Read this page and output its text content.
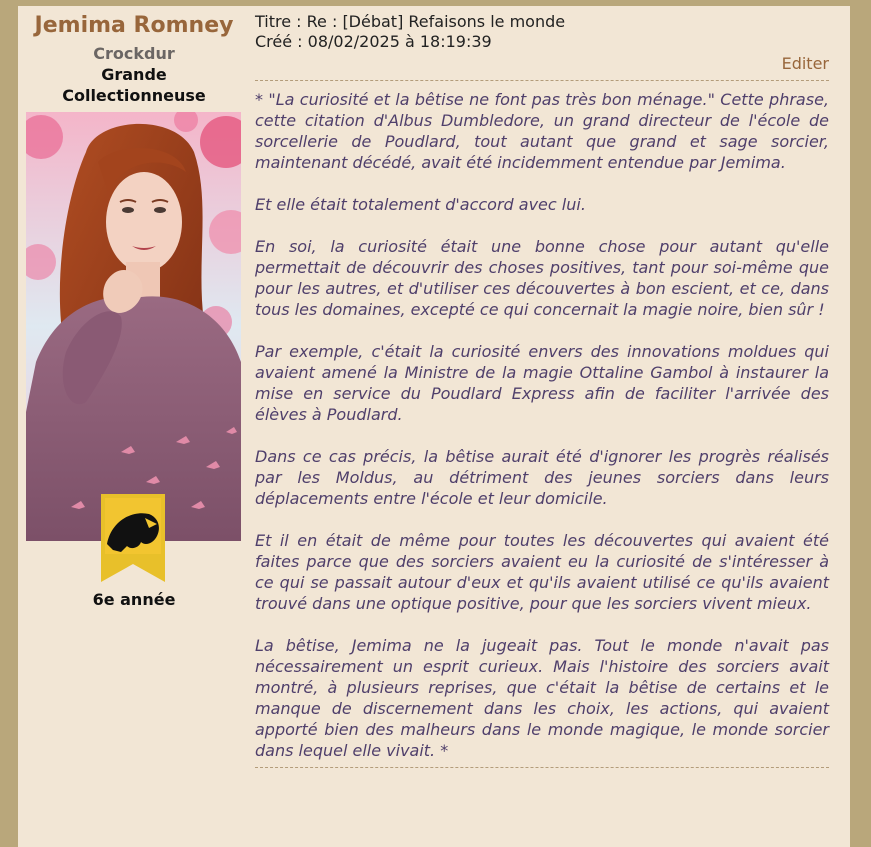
Jemima Romney
Crockdur
Grande
Collectionneuse
6e année
Titre : Re : [Débat] Refaisons le monde
Créé : 08/02/2025 à 18:19:39
Editer

* "La curiosité et la bêtise ne font pas très bon ménage." Cette phrase, cette citation d'Albus Dumbledore, un grand directeur de l'école de sorcellerie de Poudlard, tout autant que grand et sage sorcier, maintenant décédé, avait été incidemment entendue par Jemima.

Et elle était totalement d'accord avec lui.

En soi, la curiosité était une bonne chose pour autant qu'elle permettait de découvrir des choses positives, tant pour soi-même que pour les autres, et d'utiliser ces découvertes à bon escient, et ce, dans tous les domaines, excepté ce qui concernait la magie noire, bien sûr !

Par exemple, c'était la curiosité envers des innovations moldues qui avaient amené la Ministre de la magie Ottaline Gambol à instaurer la mise en service du Poudlard Express afin de faciliter l'arrivée des élèves à Poudlard.

Dans ce cas précis, la bêtise aurait été d'ignorer les progrès réalisés par les Moldus, au détriment des jeunes sorciers dans leurs déplacements entre l'école et leur domicile.

Et il en était de même pour toutes les découvertes qui avaient été faites parce que des sorciers avaient eu la curiosité de s'intéresser à ce qui se passait autour d'eux et qu'ils avaient utilisé ce qu'ils avaient trouvé dans une optique positive, pour que les sorciers vivent mieux.

La bêtise, Jemima ne la jugeait pas. Tout le monde n'avait pas nécessairement un esprit curieux. Mais l'histoire des sorciers avait montré, à plusieurs reprises, que c'était la bêtise de certains et le manque de discernement dans les choix, les actions, qui avaient apporté bien des malheurs dans le monde magique, le monde sorcier dans lequel elle vivait. *
